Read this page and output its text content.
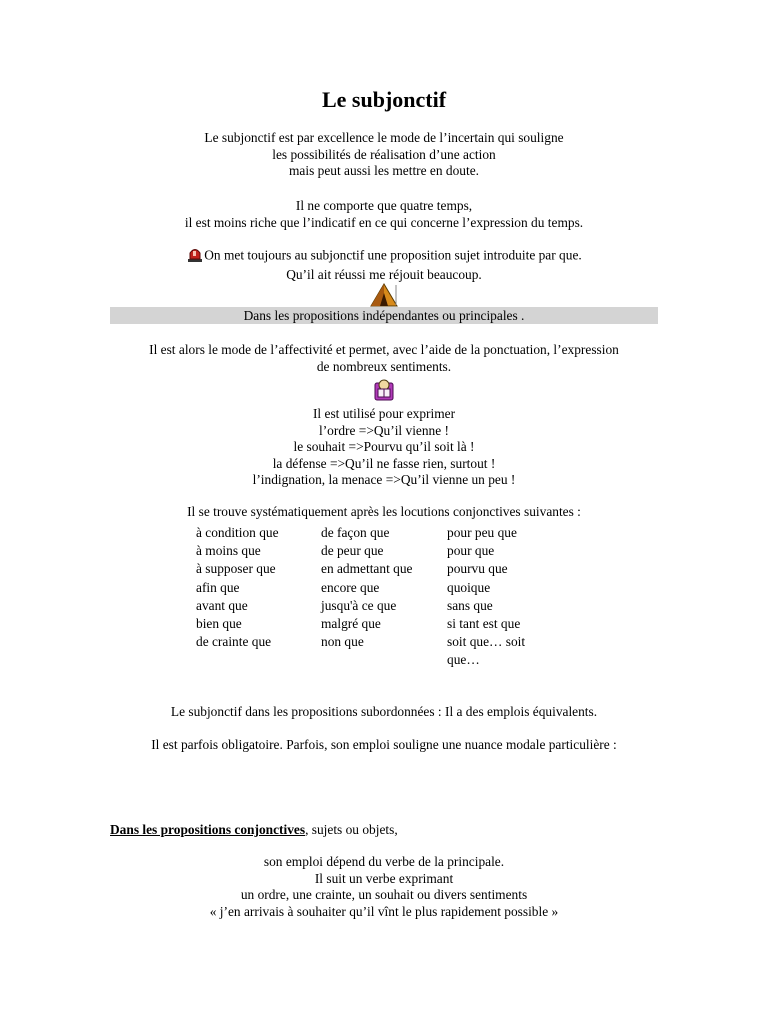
Le subjonctif
Le subjonctif est par excellence le mode de l’incertain qui souligne
les possibilités de réalisation d’une action
mais peut aussi les mettre en doute.
Il ne comporte que quatre temps,
il est moins riche que l’indicatif en ce qui concerne l’expression du temps.
On met toujours au subjonctif une proposition sujet introduite par que.
Qu’il ait réussi me réjouit beaucoup.
Dans les propositions indépendantes ou principales .
Il est alors le mode de l’affectivité et permet, avec l’aide de la ponctuation, l’expression
de nombreux sentiments.
Il est utilisé pour exprimer
l’ordre =>Qu’il vienne !
le souhait =>Pourvu qu’il soit là !
la défense =>Qu’il ne fasse rien, surtout !
l’indignation, la menace =>Qu’il vienne un peu !
Il se trouve systématiquement après les locutions conjonctives suivantes :
à condition que
à moins que
à supposer que
afin que
avant que
bien que
de crainte que
de façon que
de peur que
en admettant que
encore que
jusqu'à ce que
malgré que
non que
pour peu que
pour que
pourvu que
quoique
sans que
si tant est que
soit que… soit
que…
Le subjonctif dans les propositions subordonnées : Il a des emplois équivalents.
Il est parfois obligatoire. Parfois, son emploi souligne une nuance modale particulière :
Dans les propositions conjonctives, sujets ou objets,
son emploi dépend du verbe de la principale.
Il suit un verbe exprimant
un ordre, une crainte, un souhait ou divers sentiments
« j’en arrivais à souhaiter qu’il vînt le plus rapidement possible »
